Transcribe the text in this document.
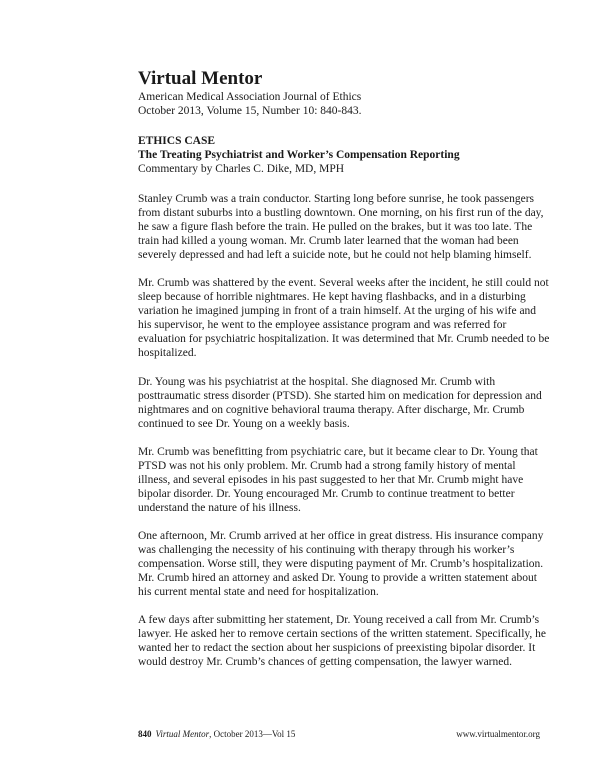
Virtual Mentor

American Medical Association Journal of Ethics

October 2013, Volume 15, Number 10: 840-843.

ETHICS CASE

The Treating Psychiatrist and Worker’s Compensation Reporting

Commentary by Charles C. Dike, MD, MPH

Stanley Crumb was a train conductor. Starting long before sunrise, he took passengers from distant suburbs into a bustling downtown. One morning, on his first run of the day, he saw a figure flash before the train. He pulled on the brakes, but it was too late. The train had killed a young woman. Mr. Crumb later learned that the woman had been severely depressed and had left a suicide note, but he could not help blaming himself.

Mr. Crumb was shattered by the event. Several weeks after the incident, he still could not sleep because of horrible nightmares. He kept having flashbacks, and in a disturbing variation he imagined jumping in front of a train himself. At the urging of his wife and his supervisor, he went to the employee assistance program and was referred for evaluation for psychiatric hospitalization. It was determined that Mr. Crumb needed to be hospitalized.

Dr. Young was his psychiatrist at the hospital. She diagnosed Mr. Crumb with posttraumatic stress disorder (PTSD). She started him on medication for depression and nightmares and on cognitive behavioral trauma therapy. After discharge, Mr. Crumb continued to see Dr. Young on a weekly basis.

Mr. Crumb was benefitting from psychiatric care, but it became clear to Dr. Young that PTSD was not his only problem. Mr. Crumb had a strong family history of mental illness, and several episodes in his past suggested to her that Mr. Crumb might have bipolar disorder. Dr. Young encouraged Mr. Crumb to continue treatment to better understand the nature of his illness.

One afternoon, Mr. Crumb arrived at her office in great distress. His insurance company was challenging the necessity of his continuing with therapy through his worker’s compensation. Worse still, they were disputing payment of Mr. Crumb’s hospitalization. Mr. Crumb hired an attorney and asked Dr. Young to provide a written statement about his current mental state and need for hospitalization.

A few days after submitting her statement, Dr. Young received a call from Mr. Crumb’s lawyer. He asked her to remove certain sections of the written statement. Specifically, he wanted her to redact the section about her suspicions of preexisting bipolar disorder. It would destroy Mr. Crumb’s chances of getting compensation, the lawyer warned.

840 Virtual Mentor, October 2013—Vol 15	www.virtualmentor.org
